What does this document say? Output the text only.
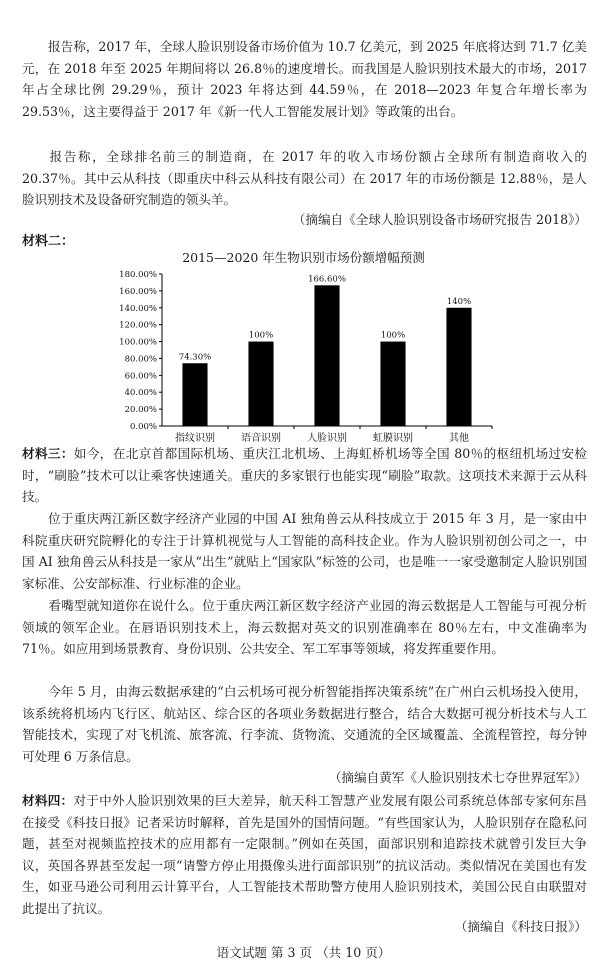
报告称，2017 年，全球人脸识别设备市场价值为 10.7 亿美元，到 2025 年底将达到 71.7 亿美元，在 2018 年至 2025 年期间将以 26.8％的速度增长。而我国是人脸识别技术最大的市场，2017 年占全球比例 29.29％，预计 2023 年将达到 44.59％，在 2018—2023 年复合年增长率为 29.53％，这主要得益于 2017 年《新一代人工智能发展计划》等政策的出台。

报告称，全球排名前三的制造商，在 2017 年的收入市场份额占全球所有制造商收入的 20.37％。其中云从科技（即重庆中科云从科技有限公司）在 2017 年的市场份额是 12.88％，是人脸识别技术及设备研究制造的领头羊。

（摘编自《全球人脸识别设备市场研究报告 2018》）
材料二：
2015—2020 年生物识别市场份额增幅预测
0.00%
20.00%
40.00%
60.00%
80.00%
100.00%
120.00%
140.00%
160.00%
180.00%
74.30%
指纹识别
100%
语音识别
166.60%
人脸识别
100%
虹膜识别
140%
其他

材料三：如今，在北京首都国际机场、重庆江北机场、上海虹桥机场等全国 80％的枢纽机场过安检时，“刷脸”技术可以让乘客快速通关。重庆的多家银行也能实现“刷脸”取款。这项技术来源于云从科技。

位于重庆两江新区数字经济产业园的中国 AI 独角兽云从科技成立于 2015 年 3 月，是一家由中科院重庆研究院孵化的专注于计算机视觉与人工智能的高科技企业。作为人脸识别初创公司之一，中国 AI 独角兽云从科技是一家从“出生”就贴上“国家队”标签的公司，也是唯一一家受邀制定人脸识别国家标准、公安部标准、行业标准的企业。

看嘴型就知道你在说什么。位于重庆两江新区数字经济产业园的海云数据是人工智能与可视分析领域的领军企业。在唇语识别技术上，海云数据对英文的识别准确率在 80％左右，中文准确率为 71％。如应用到场景教育、身份识别、公共安全、军工军事等领域，将发挥重要作用。

今年 5 月，由海云数据承建的“白云机场可视分析智能指挥决策系统”在广州白云机场投入使用，该系统将机场内飞行区、航站区、综合区的各项业务数据进行整合，结合大数据可视分析技术与人工智能技术，实现了对飞机流、旅客流、行李流、货物流、交通流的全区域覆盖、全流程管控，每分钟可处理 6 万条信息。

（摘编自黄军《人脸识别技术七夺世界冠军》）

材料四：对于中外人脸识别效果的巨大差异，航天科工智慧产业发展有限公司系统总体部专家何东昌在接受《科技日报》记者采访时解释，首先是国外的国情问题。“有些国家认为，人脸识别存在隐私问题，甚至对视频监控技术的应用都有一定限制。”例如在英国，面部识别和追踪技术就曾引发巨大争议，英国各界甚至发起一项“请警方停止用摄像头进行面部识别”的抗议活动。类似情况在美国也有发生，如亚马逊公司利用云计算平台，人工智能技术帮助警方使用人脸识别技术，美国公民自由联盟对此提出了抗议。

（摘编自《科技日报》）
语文试题 第 3 页 （共 10 页）
